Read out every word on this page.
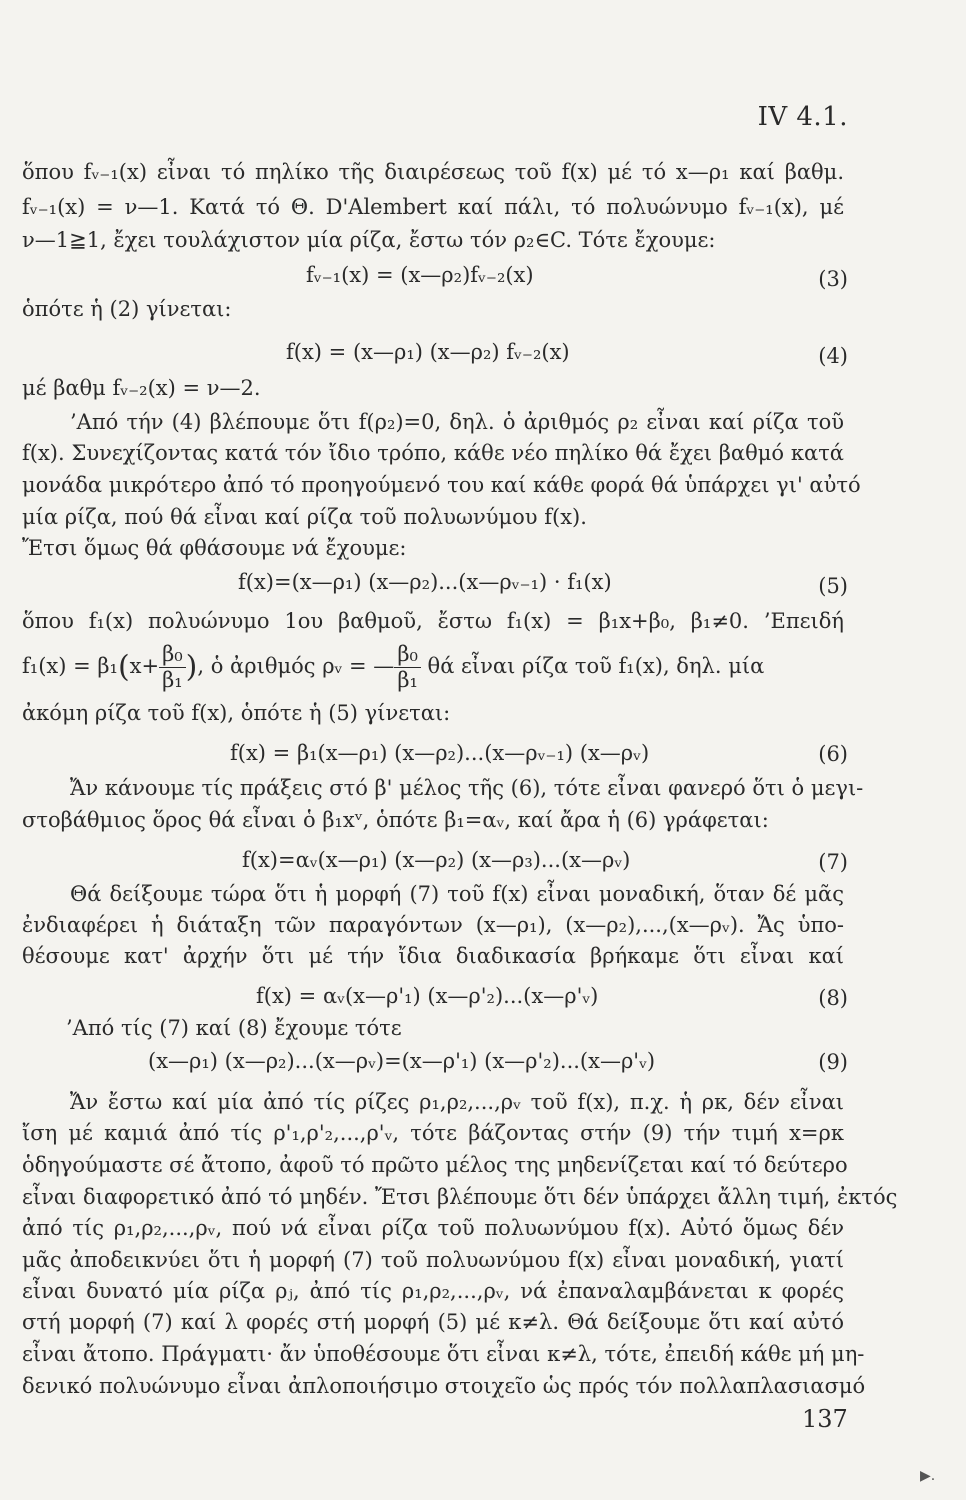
IV 4.1.
ὅπου fᵥ₋₁(x) εἶναι τό πηλίκο τῆς διαιρέσεως τοῦ f(x) μέ τό x—ρ₁ καί βαθμ.
fᵥ₋₁(x) = ν—1. Κατά τό Θ. D'Alembert καί πάλι, τό πολυώνυμο fᵥ₋₁(x), μέ
ν—1≧1, ἔχει τουλάχιστον μία ρίζα, ἔστω τόν ρ₂∈C. Τότε ἔχουμε:
fᵥ₋₁(x) = (x—ρ₂)fᵥ₋₂(x)	(3)
ὁπότε ἡ (2) γίνεται:
f(x) = (x—ρ₁) (x—ρ₂) fᵥ₋₂(x)	(4)
μέ βαθμ fᵥ₋₂(x) = ν—2.
’Από τήν (4) βλέπουμε ὅτι f(ρ₂)=0, δηλ. ὁ ἀριθμός ρ₂ εἶναι καί ρίζα τοῦ
f(x). Συνεχίζοντας κατά τόν ἴδιο τρόπο, κάθε νέο πηλίκο θά ἔχει βαθμό κατά
μονάδα μικρότερο ἀπό τό προηγούμενό του καί κάθε φορά θά ὑπάρχει γι' αὐτό
μία ρίζα, πού θά εἶναι καί ρίζα τοῦ πολυωνύμου f(x).
Ἔτσι ὅμως θά φθάσουμε νά ἔχουμε:
f(x)=(x—ρ₁) (x—ρ₂)...(x—ρᵥ₋₁) · f₁(x)	(5)
ὅπου f₁(x) πολυώνυμο 1ου βαθμοῦ, ἔστω f₁(x) = β₁x+β₀, β₁≠0. ’Επειδή
$f_1(x) = \beta_1(x+ \frac{\text{β₀}}{\text{β₁}}$ ), ὁ ἀριθμός ρᵥ = — $\frac{\text{β₀}}{\text{β₁}}$ θά εἶναι ρίζα τοῦ f₁(x), δηλ. μία
ἀκόμη ρίζα τοῦ f(x), ὁπότε ἡ (5) γίνεται:
f(x) = β₁(x—ρ₁) (x—ρ₂)...(x—ρᵥ₋₁) (x—ρᵥ)	(6)
Ἄν κάνουμε τίς πράξεις στό β' μέλος τῆς (6), τότε εἶναι φανερό ὅτι ὁ μεγι-
στοβάθμιος ὅρος θά εἶναι ὁ β₁xᵛ, ὁπότε β₁=αᵥ, καί ἄρα ἡ (6) γράφεται:
f(x)=αᵥ(x—ρ₁) (x—ρ₂) (x—ρ₃)...(x—ρᵥ)	(7)
Θά δείξουμε τώρα ὅτι ἡ μορφή (7) τοῦ f(x) εἶναι μοναδική, ὅταν δέ μᾶς
ἐνδιαφέρει ἡ διάταξη τῶν παραγόντων (x—ρ₁), (x—ρ₂),...,(x—ρᵥ). Ἄς ὑπο-
θέσουμε κατ' ἀρχήν ὅτι μέ τήν ἴδια διαδικασία βρήκαμε ὅτι εἶναι καί
f(x) = αᵥ(x—ρ'₁) (x—ρ'₂)...(x—ρ'ᵥ)	(8)
’Από τίς (7) καί (8) ἔχουμε τότε
(x—ρ₁) (x—ρ₂)...(x—ρᵥ)=(x—ρ'₁) (x—ρ'₂)...(x—ρ'ᵥ)	(9)
Ἄν ἔστω καί μία ἀπό τίς ρίζες ρ₁,ρ₂,...,ρᵥ τοῦ f(x), π.χ. ἡ ρκ, δέν εἶναι
ἴση μέ καμιά ἀπό τίς ρ'₁,ρ'₂,...,ρ'ᵥ, τότε βάζοντας στήν (9) τήν τιμή x=ρκ
ὁδηγούμαστε σέ ἄτοπο, ἀφοῦ τό πρῶτο μέλος της μηδενίζεται καί τό δεύτερο
εἶναι διαφορετικό ἀπό τό μηδέν. Ἔτσι βλέπουμε ὅτι δέν ὑπάρχει ἄλλη τιμή, ἐκτός
ἀπό τίς ρ₁,ρ₂,...,ρᵥ, πού νά εἶναι ρίζα τοῦ πολυωνύμου f(x). Αὐτό ὅμως δέν
μᾶς ἀποδεικνύει ὅτι ἡ μορφή (7) τοῦ πολυωνύμου f(x) εἶναι μοναδική, γιατί
εἶναι δυνατό μία ρίζα ρⱼ, ἀπό τίς ρ₁,ρ₂,...,ρᵥ, νά ἐπαναλαμβάνεται κ φορές
στή μορφή (7) καί λ φορές στή μορφή (5) μέ κ≠λ. Θά δείξουμε ὅτι καί αὐτό
εἶναι ἄτοπο. Πράγματι· ἄν ὑποθέσουμε ὅτι εἶναι κ≠λ, τότε, ἐπειδή κάθε μή μη-
δενικό πολυώνυμο εἶναι ἀπλοποιήσιμο στοιχεῖο ὡς πρός τόν πολλαπλασιασμό
137
▶.
